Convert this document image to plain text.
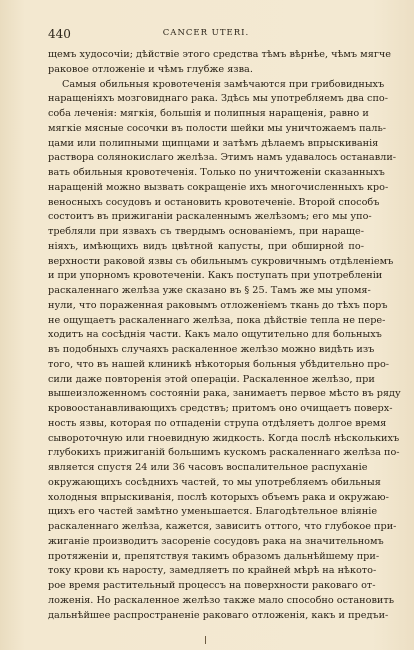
440	CANCER UTERI.
щемъ худосочіи; дѣйствіе этого средства тѣмъ вѣрнѣе, чѣмъ мягче
раковое отложеніе и чѣмъ глубже язва.
Самыя обильныя кровотеченія замѣчаются при грибовидныхъ
наращеніяхъ мозговиднаго рака. Здѣсь мы употребляемъ два спо-
соба леченія: мягкія, большія и полипныя наращенія, равно и
мягкіе мясные сосочки въ полости шейки мы уничтожаемъ паль-
цами или полипными щипцами и затѣмъ дѣлаемъ впрыскиванія
раствора солянокислаго желѣза. Этимъ намъ удавалось останавли-
вать обильныя кровотеченія. Только по уничтоженіи сказанныхъ
наращеній можно вызвать сокращеніе ихъ многочисленныхъ кро-
веносныхъ сосудовъ и остановить кровотеченіе. Второй способъ
состоитъ въ прижиганіи раскаленнымъ желѣзомъ; его мы упо-
требляли при язвахъ съ твердымъ основаніемъ, при нараще-
ніяхъ, имѣющихъ видъ цвѣтной капусты, при обширной по-
верхности раковой язвы съ обильнымъ сукровичнымъ отдѣленіемъ
и при упорномъ кровотеченіи. Какъ поступать при употребленіи
раскаленнаго желѣза уже сказано въ § 25. Тамъ же мы упомя-
нули, что пораженная раковымъ отложеніемъ ткань до тѣхъ поръ
не ощущаетъ раскаленнаго желѣза, пока дѣйствіе тепла не пере-
ходитъ на сосѣднія части. Какъ мало ощутительно для больныхъ
въ подобныхъ случаяхъ раскаленное желѣзо можно видѣть изъ
того, что въ нашей клиникѣ нѣкоторыя больныя убѣдительно про-
сили даже повторенія этой операціи. Раскаленное желѣзо, при
вышеизложенномъ состояніи рака, занимаетъ первое мѣсто въ ряду
кровоостанавливающихъ средствъ; притомъ оно очищаетъ поверх-
ность язвы, которая по отпаденіи струпа отдѣляетъ долгое время
сывороточную или гноевидную жидкость. Когда послѣ нѣсколькихъ
глубокихъ прижиганій большимъ кускомъ раскаленнаго желѣза по-
является спустя 24 или 36 часовъ воспалительное распуханіе
окружающихъ сосѣднихъ частей, то мы употребляемъ обильныя
холодныя впрыскиванія, послѣ которыхъ объемъ рака и окружаю-
щихъ его частей замѣтно уменьшается. Благодѣтельное вліяніе
раскаленнаго желѣза, кажется, зависитъ оттого, что глубокое при-
жиганіе производитъ засореніе сосудовъ рака на значительномъ
протяженіи и, препятствуя такимъ образомъ дальнѣйшему при-
току крови къ наросту, замедляетъ по крайней мѣрѣ на нѣкото-
рое время растительный процессъ на поверхности раковаго от-
ложенія. Но раскаленное желѣзо также мало способно остановить
дальнѣйшее распространеніе раковаго отложенія, какъ и предъи-
